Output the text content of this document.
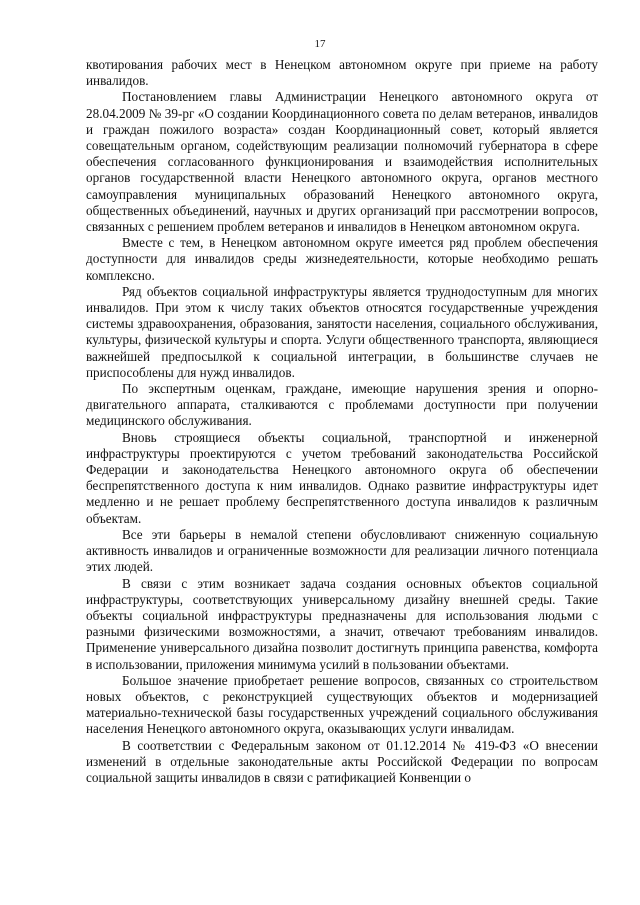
17

квотирования рабочих мест в Ненецком автономном округе при приеме на работу инвалидов.

Постановлением главы Администрации Ненецкого автономного округа от 28.04.2009 № 39-рг «О создании Координационного совета по делам ветеранов, инвалидов и граждан пожилого возраста» создан Координационный совет, который является совещательным органом, содействующим реализации полномочий губернатора в сфере обеспечения согласованного функционирования и взаимодействия исполнительных органов государственной власти Ненецкого автономного округа, органов местного самоуправления муниципальных образований Ненецкого автономного округа, общественных объединений, научных и других организаций при рассмотрении вопросов, связанных с решением проблем ветеранов и инвалидов в Ненецком автономном округа.

Вместе с тем, в Ненецком автономном округе имеется ряд проблем обеспечения доступности для инвалидов среды жизнедеятельности, которые необходимо решать комплексно.

Ряд объектов социальной инфраструктуры является труднодоступным для многих инвалидов. При этом к числу таких объектов относятся государственные учреждения системы здравоохранения, образования, занятости населения, социального обслуживания, культуры, физической культуры и спорта. Услуги общественного транспорта, являющиеся важнейшей предпосылкой к социальной интеграции, в большинстве случаев не приспособлены для нужд инвалидов.

По экспертным оценкам, граждане, имеющие нарушения зрения и опорно-двигательного аппарата, сталкиваются с проблемами доступности при получении медицинского обслуживания.

Вновь строящиеся объекты социальной, транспортной и инженерной инфраструктуры проектируются с учетом требований законодательства Российской Федерации и законодательства Ненецкого автономного округа об обеспечении беспрепятственного доступа к ним инвалидов. Однако развитие инфраструктуры идет медленно и не решает проблему беспрепятственного доступа инвалидов к различным объектам.

Все эти барьеры в немалой степени обусловливают сниженную социальную активность инвалидов и ограниченные возможности для реализации личного потенциала этих людей.

В связи с этим возникает задача создания основных объектов социальной инфраструктуры, соответствующих универсальному дизайну внешней среды. Такие объекты социальной инфраструктуры предназначены для использования людьми с разными физическими возможностями, а значит, отвечают требованиям инвалидов. Применение универсального дизайна позволит достигнуть принципа равенства, комфорта в использовании, приложения минимума усилий в пользовании объектами.

Большое значение приобретает решение вопросов, связанных со строительством новых объектов, с реконструкцией существующих объектов и модернизацией материально-технической базы государственных учреждений социального обслуживания населения Ненецкого автономного округа, оказывающих услуги инвалидам.

В соответствии с Федеральным законом от 01.12.2014 № 419-ФЗ «О внесении изменений в отдельные законодательные акты Российской Федерации по вопросам социальной защиты инвалидов в связи с ратификацией Конвенции о
